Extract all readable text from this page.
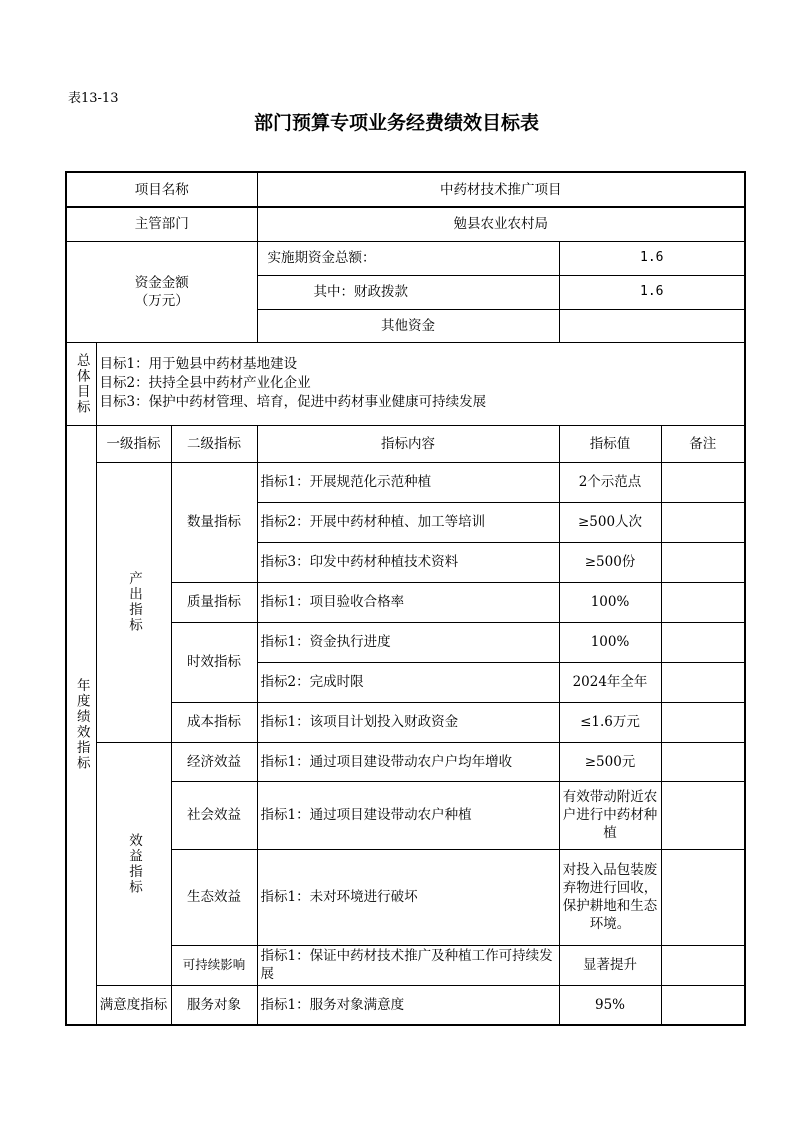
表13-13
部门预算专项业务经费绩效目标表
项目名称			中药材技术推广项目		
主管部门			勉县农业农村局		

资金金额
（万元）			实施期资金总额：	1.6	
			其中：财政拨款	1.6	
			其他资金		

总体目标	目标1：用于勉县中药材基地建设
目标2：扶持全县中药材产业化企业
目标3：保护中药材管理、培育，促进中药材事业健康可持续发展				

年度绩效指标	一级指标	二级指标	指标内容	指标值	备注

	产出指标	数量指标	指标1：开展规范化示范种植	2个示范点	
			指标2：开展中药材种植、加工等培训	≥500人次	
			指标3：印发中药材种植技术资料	≥500份	
		质量指标	指标1：项目验收合格率	100%	
		时效指标	指标1：资金执行进度	100%	
			指标2：完成时限	2024年全年	
		成本指标	指标1：该项目计划投入财政资金	≤1.6万元	

	效益指标	经济效益	指标1：通过项目建设带动农户户均年增收	≥500元	
		社会效益	指标1：通过项目建设带动农户种植	有效带动附近农户进行中药材种植	
		生态效益	指标1：未对环境进行破坏	对投入品包装废弃物进行回收，保护耕地和生态环境。	
		可持续影响	指标1：保证中药材技术推广及种植工作可持续发展	显著提升	
	满意度指标	服务对象	指标1：服务对象满意度	95%	
